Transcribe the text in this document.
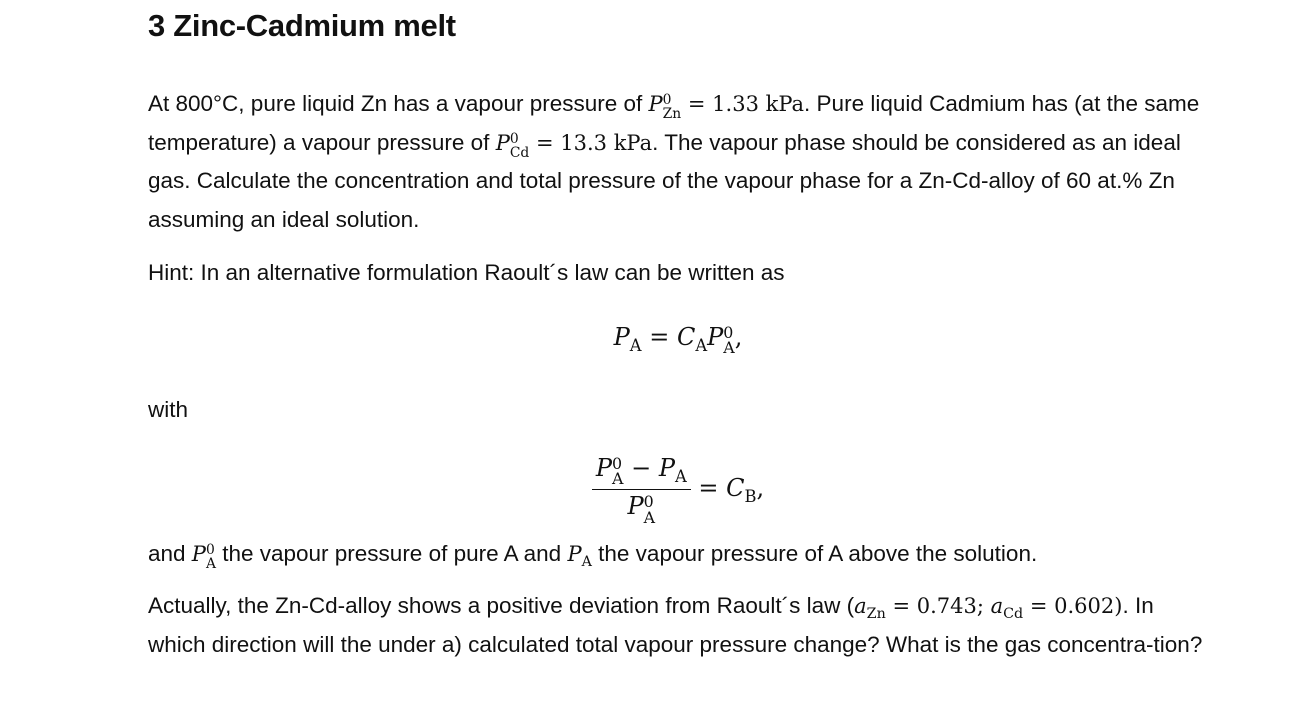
3 Zinc-Cadmium melt
At 800°C, pure liquid Zn has a vapour pressure of P 0
Zn = 1.33 kPa. Pure liquid Cadmium has (at the same temperature) a vapour pressure of P 0
Cd = 13.3 kPa. The vapour phase should be considered as an ideal gas. Calculate the concentration and total pressure of the vapour phase for a Zn-Cd-alloy of 60 at.% Zn assuming an ideal solution.
Hint: In an alternative formulation Raoult´s law can be written as
$P_A = C_AP$ 0
A ,
with
P 0
$A - P_A$
P 0
$A = C_B$,
and P 0
A the vapour pressure of pure A and $P_A$ the vapour pressure of A above the solution.
Actually, the Zn-Cd-alloy shows a positive deviation from Raoult´s law ($a_{Zn} = 0.743$; $a_{Cd} = 0.602$). In which direction will the under a) calculated total vapour pressure change? What is the gas concentra-tion?
